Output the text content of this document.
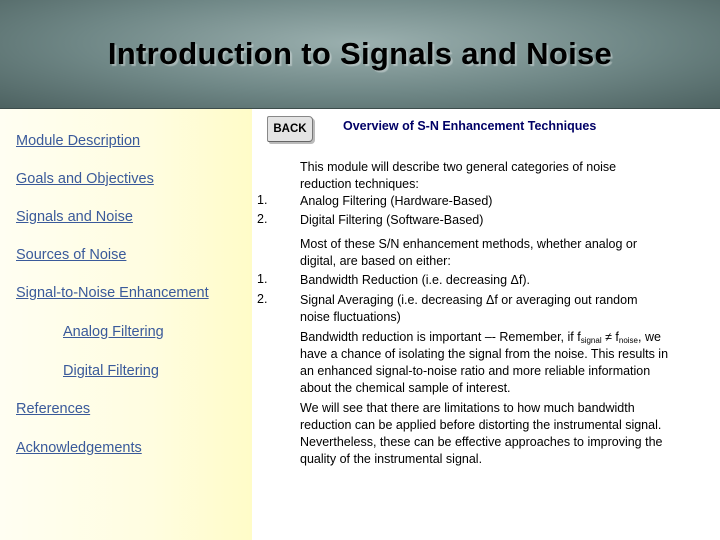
Introduction to Signals and Noise
Module Description
Goals and Objectives
Signals and Noise
Sources of Noise
Signal-to-Noise Enhancement
Analog Filtering
Digital Filtering
References
Acknowledgements
BACK	Overview of S-N Enhancement Techniques
This module will describe two general categories of noise
reduction techniques:
1.	Analog Filtering (Hardware-Based)
2.	Digital Filtering (Software-Based)
Most of these S/N enhancement methods, whether analog or
digital, are based on either:
1.	Bandwidth Reduction (i.e. decreasing Δf).
2.	Signal Averaging (i.e. decreasing Δf or averaging out random
noise fluctuations)
Bandwidth reduction is important –- Remember, if $f_{signal} \ne f_{noise}$, we
have a chance of isolating the signal from the noise. This results in
an enhanced signal-to-noise ratio and more reliable information
about the chemical sample of interest.
We will see that there are limitations to how much bandwidth
reduction can be applied before distorting the instrumental signal.
Nevertheless, these can be effective approaches to improving the
quality of the instrumental signal.
